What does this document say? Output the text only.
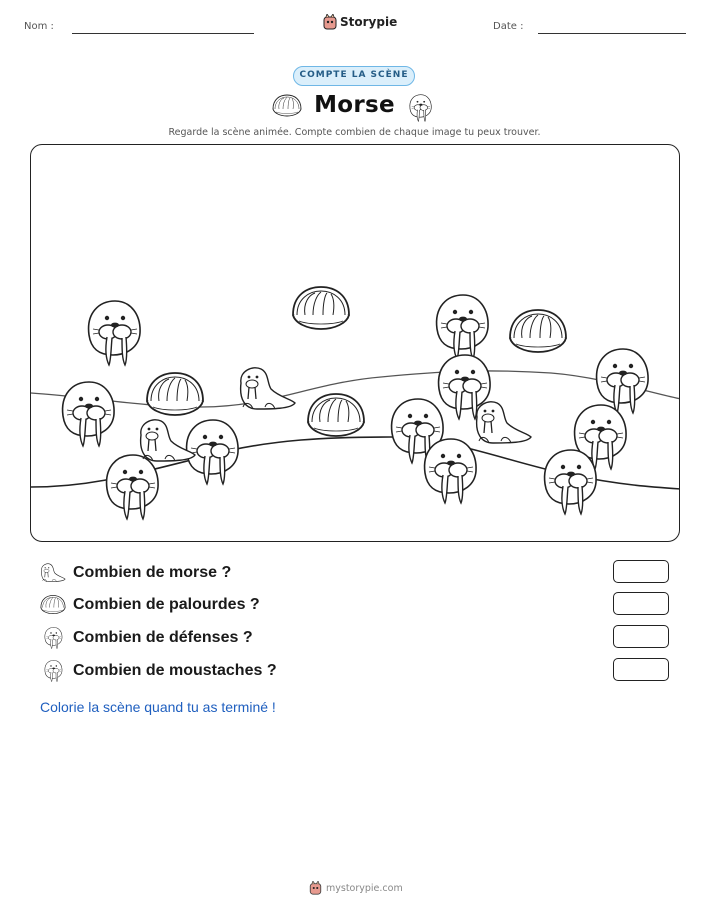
Nom :	Storypie	Date :
COMPTE LA SCÈNE
Morse
Regarde la scène animée. Compte combien de chaque image tu peux trouver.
Combien de morse ?
Combien de palourdes ?
Combien de défenses ?
Combien de moustaches ?
Colorie la scène quand tu as terminé !
mystorypie.com
